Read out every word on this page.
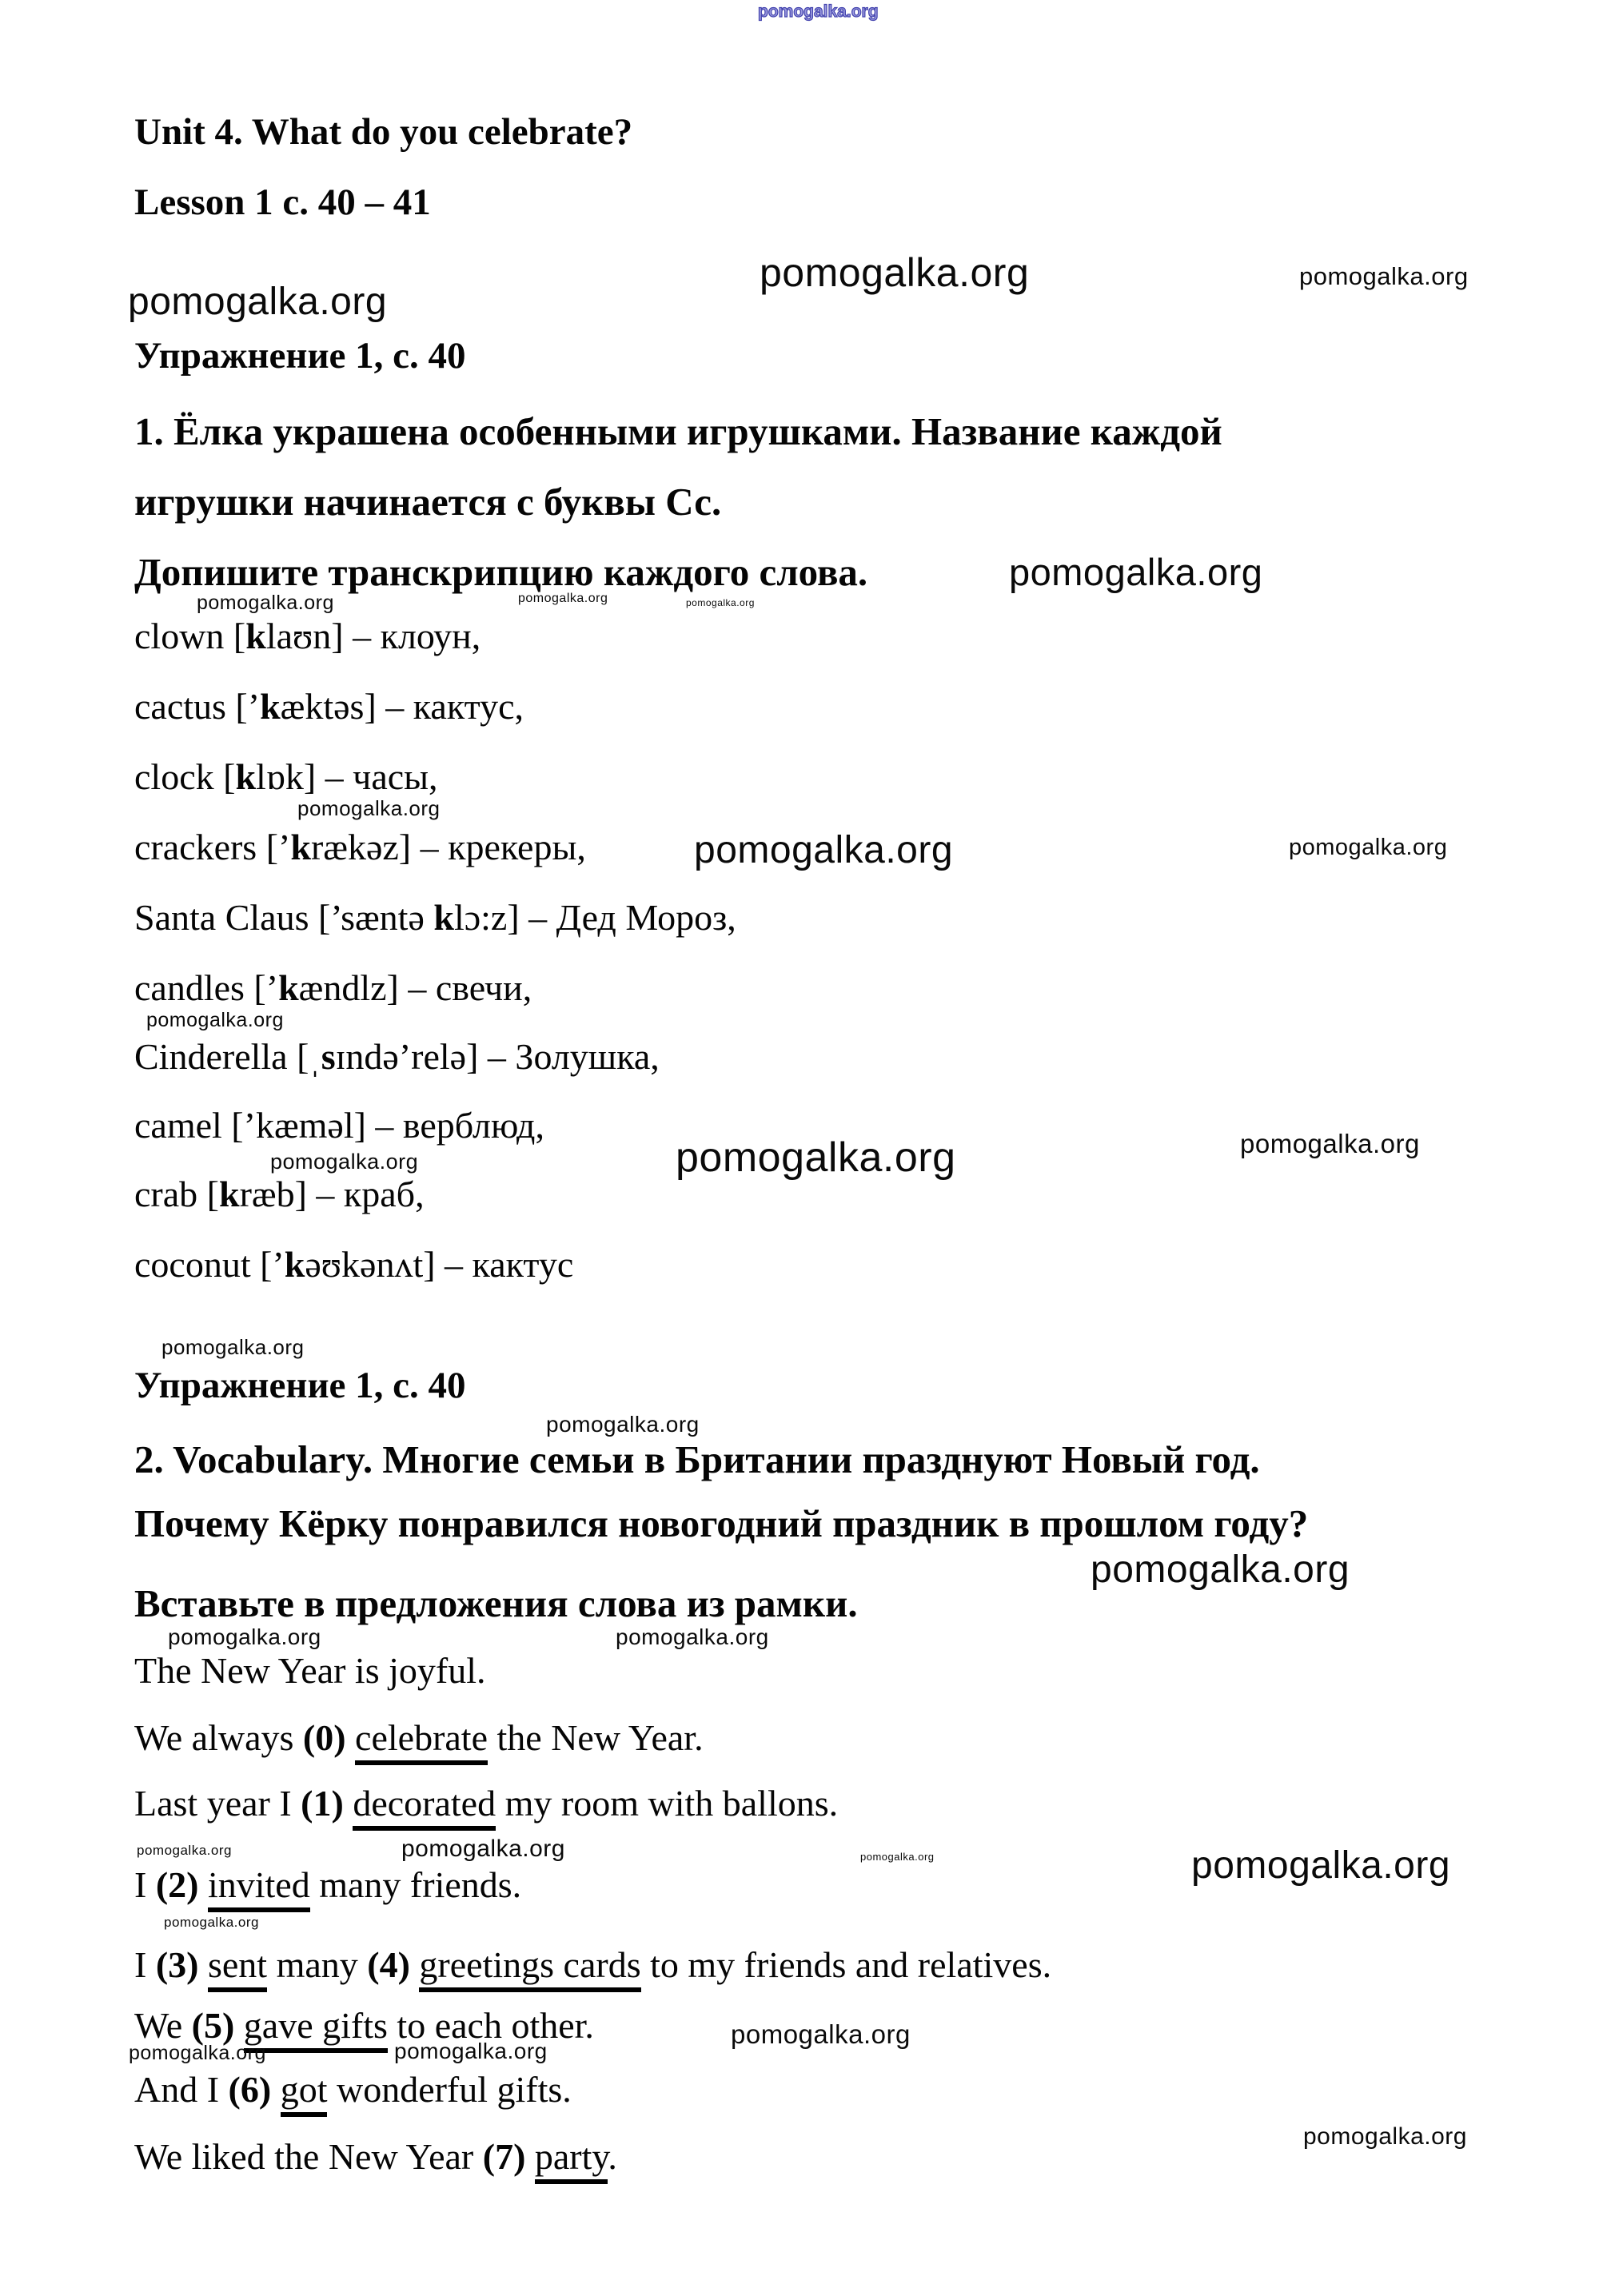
Unit 4. What do you celebrate?
Lesson 1 с. 40 – 41
Упражнение 1, с. 40
1. Ёлка украшена особенными игрушками. Название каждой
игрушки начинается с буквы Сс.
Допишите транскрипцию каждого слова.
clown [klaʊn] – клоун,
cactus [’kæktəs] – кактус,
clock [klɒk] – часы,
crackers [’krækəz] – крекеры,
Santa Claus [’sæntə klɔ:z] – Дед Мороз,
candles [’kændlz] – свечи,
Cinderella [ˌsɪndə’relə] – Золушка,
camel [’kæməl] – верблюд,
crab [kræb] – краб,
coconut [’kəʊkənʌt] – кактус
Упражнение 1, с. 40
2. Vocabulary. Многие семьи в Британии празднуют Новый год.
Почему Кёрку понравился новогодний праздник в прошлом году?
Вставьте в предложения слова из рамки.
The New Year is joyful.
We always (0) celebrate the New Year.
Last year I (1) decorated my room with ballons.
I (2) invited many friends.
I (3) sent many (4) greetings cards to my friends and relatives.
We (5) gave gifts to each other.
And I (6) got wonderful gifts.
We liked the New Year (7) party.
pomogalka.org
pomogalka.org
pomogalka.org	pomogalka.org
pomogalka.org
pomogalka.org	pomogalka.org	pomogalka.org
pomogalka.org
pomogalka.org	pomogalka.org
pomogalka.org
pomogalka.org	pomogalka.org	pomogalka.org
pomogalka.org
pomogalka.org
pomogalka.org
pomogalka.org	pomogalka.org
pomogalka.org	pomogalka.org	pomogalka.org	pomogalka.org
pomogalka.org
pomogalka.org
pomogalka.org	pomogalka.org
pomogalka.org
